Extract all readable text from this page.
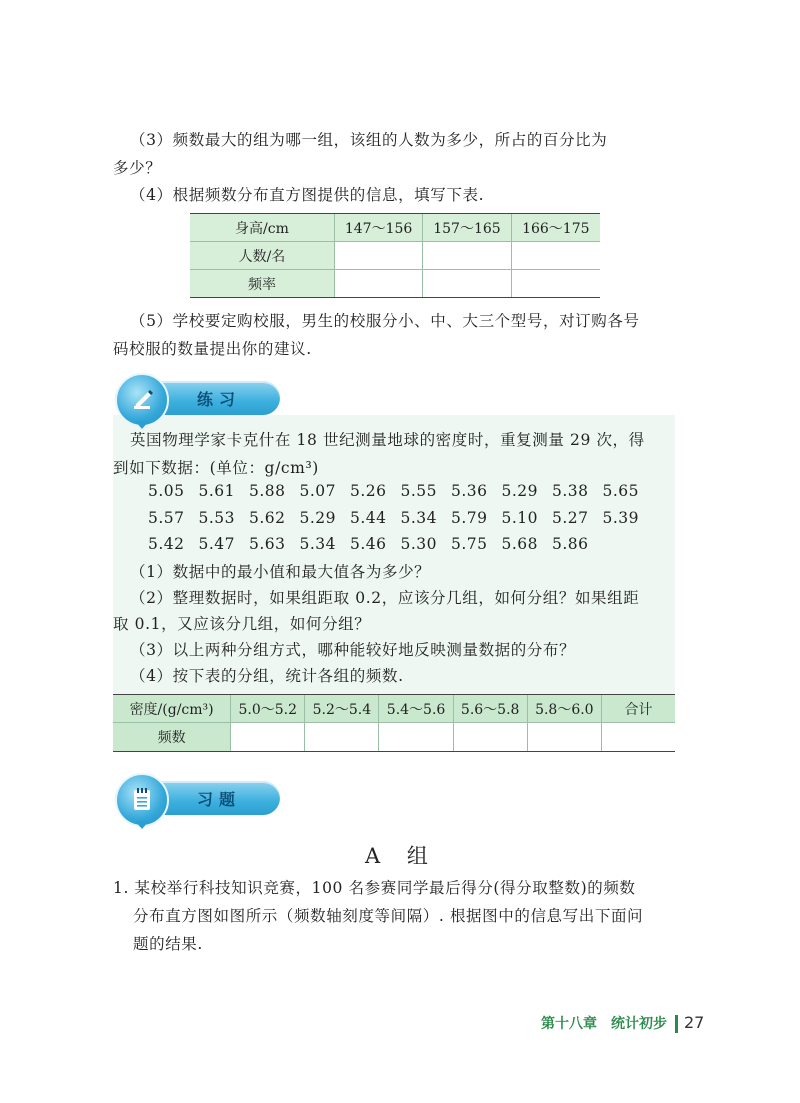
（3）频数最大的组为哪一组，该组的人数为多少，所占的百分比为
多少？
（4）根据频数分布直方图提供的信息，填写下表.
身高/cm	147～156	157～165	166～175
人数/名			
频率			
（5）学校要定购校服，男生的校服分小、中、大三个型号，对订购各号
码校服的数量提出你的建议.
练习
英国物理学家卡克什在 18 世纪测量地球的密度时，重复测量 29 次，得
到如下数据：(单位：g/cm³)
5.05 5.61 5.88 5.07 5.26 5.55 5.36 5.29 5.38 5.65
5.57 5.53 5.62 5.29 5.44 5.34 5.79 5.10 5.27 5.39
5.42 5.47 5.63 5.34 5.46 5.30 5.75 5.68 5.86
（1）数据中的最小值和最大值各为多少？
（2）整理数据时，如果组距取 0.2，应该分几组，如何分组？如果组距
取 0.1，又应该分几组，如何分组？
（3）以上两种分组方式，哪种能较好地反映测量数据的分布？
（4）按下表的分组，统计各组的频数.
密度/(g/cm³)	5.0～5.2	5.2～5.4	5.4～5.6	5.6～5.8	5.8～6.0	合计
频数						
习题
A 组
1. 某校举行科技知识竞赛，100 名参赛同学最后得分(得分取整数)的频数
分布直方图如图所示（频数轴刻度等间隔）. 根据图中的信息写出下面问
题的结果.
第十八章　统计初步 27
